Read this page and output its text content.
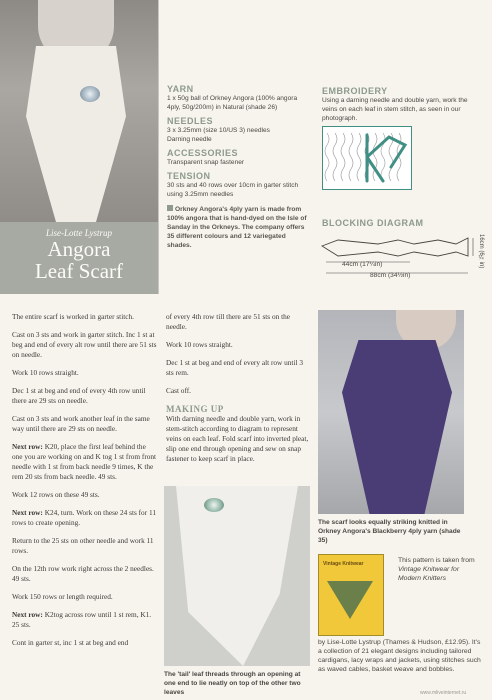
Lise-Lotte Lystrup
Angora
Leaf Scarf
YARN
1 x 50g ball of Orkney Angora (100% angora 4ply, 50g/200m) in Natural (shade 26)
NEEDLES
3 x 3.25mm (size 10/US 3) needles
Darning needle
ACCESSORIES
Transparent snap fastener
TENSION
30 sts and 40 rows over 10cm in garter stitch using 3.25mm needles
Orkney Angora's 4ply yarn is made from 100% angora that is hand-dyed on the Isle of Sanday in the Orkneys. The company offers 35 different colours and 12 variegated shades.
EMBROIDERY
Using a darning needle and double yarn, work the veins on each leaf in stem stitch, as seen in our photograph.
BLOCKING DIAGRAM
44cm (17¼in)
88cm (34½in)
16cm (6¼in)

The entire scarf is worked in garter stitch.

Cast on 3 sts and work in garter stitch. Inc 1 st at beg and end of every alt row until there are 51 sts on needle.

Work 10 rows straight.

Dec 1 st at beg and end of every 4th row until there are 29 sts on needle.

Cast on 3 sts and work another leaf in the same way until there are 29 sts on needle.

Next row: K20, place the first leaf behind the one you are working on and K tog 1 st from front needle with 1 st from back needle 9 times, K the rem 20 sts from back needle. 49 sts.

Work 12 rows on these 49 sts.

Next row: K24, turn. Work on these 24 sts for 11 rows to create opening.

Return to the 25 sts on other needle and work 11 rows.

On the 12th row work right across the 2 needles. 49 sts.

Work 150 rows or length required.

Next row: K2tog across row until 1 st rem, K1. 25 sts.

Cont in garter st, inc 1 st at beg and end

of every 4th row till there are 51 sts on the needle.

Work 10 rows straight.

Dec 1 st at beg and end of every alt row until 3 sts rem.

Cast off.

MAKING UP

With darning needle and double yarn, work in stem-stitch according to diagram to represent veins on each leaf. Fold scarf into inverted pleat, slip one end through opening and sew on snap fastener to keep scarf in place.

The scarf looks equally striking knitted in Orkney Angora's Blackberry 4ply yarn (shade 35)
The 'tail' leaf threads through an opening at one end to lie neatly on top of the other two leaves
Vintage Knitwear	This pattern is taken from Vintage Knitwear for Modern Knitters
by Lise-Lotte Lystrup (Thames & Hudson, £12.95). It's a collection of 21 elegant designs including tailored cardigans, lacy wraps and jackets, using stitches such as waved cables, basket weave and bobbles.
www.mliveinternet.ru
